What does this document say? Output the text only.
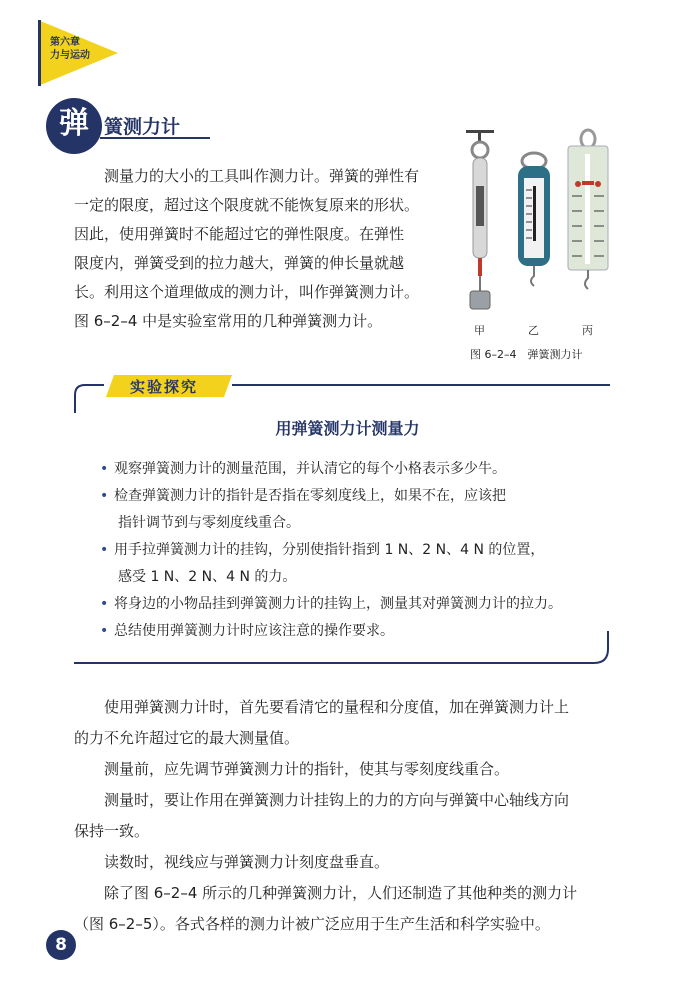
第六章
力与运动
弹 簧测力计
测量力的大小的工具叫作测力计。弹簧的弹性有
一定的限度，超过这个限度就不能恢复原来的形状。
因此，使用弹簧时不能超过它的弹性限度。在弹性
限度内，弹簧受到的拉力越大，弹簧的伸长量就越
长。利用这个道理做成的测力计，叫作弹簧测力计。
图 6–2–4 中是实验室常用的几种弹簧测力计。
甲	乙	丙
图 6–2–4　弹簧测力计
实验探究
用弹簧测力计测量力
• 观察弹簧测力计的测量范围，并认清它的每个小格表示多少牛。
• 检查弹簧测力计的指针是否指在零刻度线上，如果不在，应该把
指针调节到与零刻度线重合。
• 用手拉弹簧测力计的挂钩，分别使指针指到 1 N、2 N、4 N 的位置，
感受 1 N、2 N、4 N 的力。
• 将身边的小物品挂到弹簧测力计的挂钩上，测量其对弹簧测力计的拉力。
• 总结使用弹簧测力计时应该注意的操作要求。

使用弹簧测力计时，首先要看清它的量程和分度值，加在弹簧测力计上

的力不允许超过它的最大测量值。

测量前，应先调节弹簧测力计的指针，使其与零刻度线重合。

测量时，要让作用在弹簧测力计挂钩上的力的方向与弹簧中心轴线方向

保持一致。

读数时，视线应与弹簧测力计刻度盘垂直。

除了图 6–2–4 所示的几种弹簧测力计，人们还制造了其他种类的测力计

（图 6–2–5）。各式各样的测力计被广泛应用于生产生活和科学实验中。

8
